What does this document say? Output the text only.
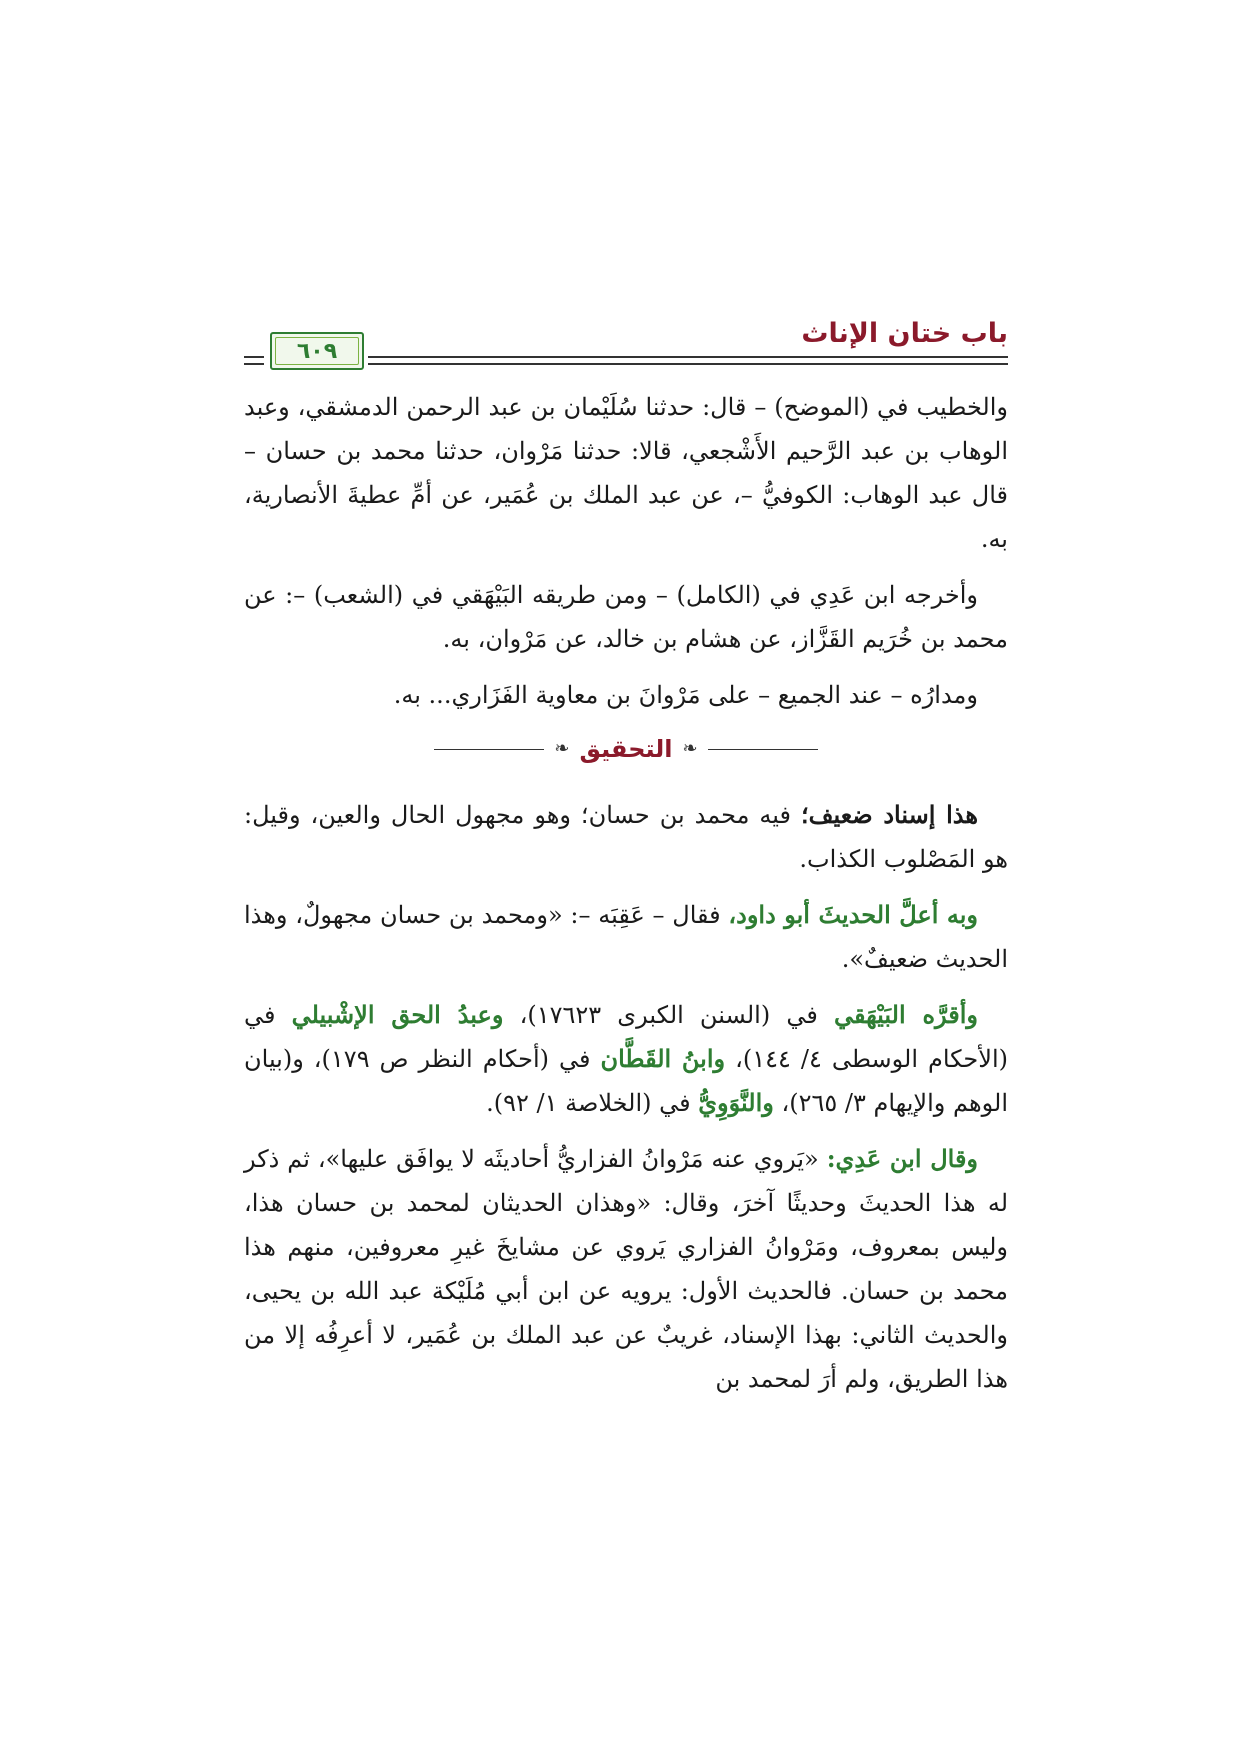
باب ختان الإناث
٦٠٩

والخطيب في (الموضح) – قال: حدثنا سُلَيْمان بن عبد الرحمن الدمشقي، وعبد الوهاب بن عبد الرَّحيم الأَشْجعي، قالا: حدثنا مَرْوان، حدثنا محمد بن حسان – قال عبد الوهاب: الكوفيُّ –، عن عبد الملك بن عُمَير، عن أمِّ عطيةَ الأنصارية، به.

وأخرجه ابن عَدِي في (الكامل) – ومن طريقه البَيْهَقي في (الشعب) –: عن محمد بن خُرَيم القَزَّاز، عن هشام بن خالد، عن مَرْوان، به.

ومدارُه – عند الجميع – على مَرْوانَ بن معاوية الفَزَاري... به.

❧
التحقيق
❧

هذا إسناد ضعيف؛ فيه محمد بن حسان؛ وهو مجهول الحال والعين، وقيل: هو المَصْلوب الكذاب.

وبه أعلَّ الحديثَ أبو داود، فقال – عَقِبَه –: «ومحمد بن حسان مجهولٌ، وهذا الحديث ضعيفٌ».

وأقرَّه البَيْهَقي في (السنن الكبرى ١٧٦٢٣)، وعبدُ الحق الإشْبيلي في (الأحكام الوسطى ٤/ ١٤٤)، وابنُ القَطَّان في (أحكام النظر ص ١٧٩)، و(بيان الوهم والإيهام ٣/ ٢٦٥)، والنَّوَوِيُّ في (الخلاصة ١/ ٩٢).

وقال ابن عَدِي: «يَروي عنه مَرْوانُ الفزاريُّ أحاديثَه لا يوافَق عليها»، ثم ذكر له هذا الحديثَ وحديثًا آخرَ، وقال: «وهذان الحديثان لمحمد بن حسان هذا، وليس بمعروف، ومَرْوانُ الفزاري يَروي عن مشايخَ غيرِ معروفين، منهم هذا محمد بن حسان. فالحديث الأول: يرويه عن ابن أبي مُلَيْكة عبد الله بن يحيى، والحديث الثاني: بهذا الإسناد، غريبٌ عن عبد الملك بن عُمَير، لا أعرِفُه إلا من هذا الطريق، ولم أرَ لمحمد بن
